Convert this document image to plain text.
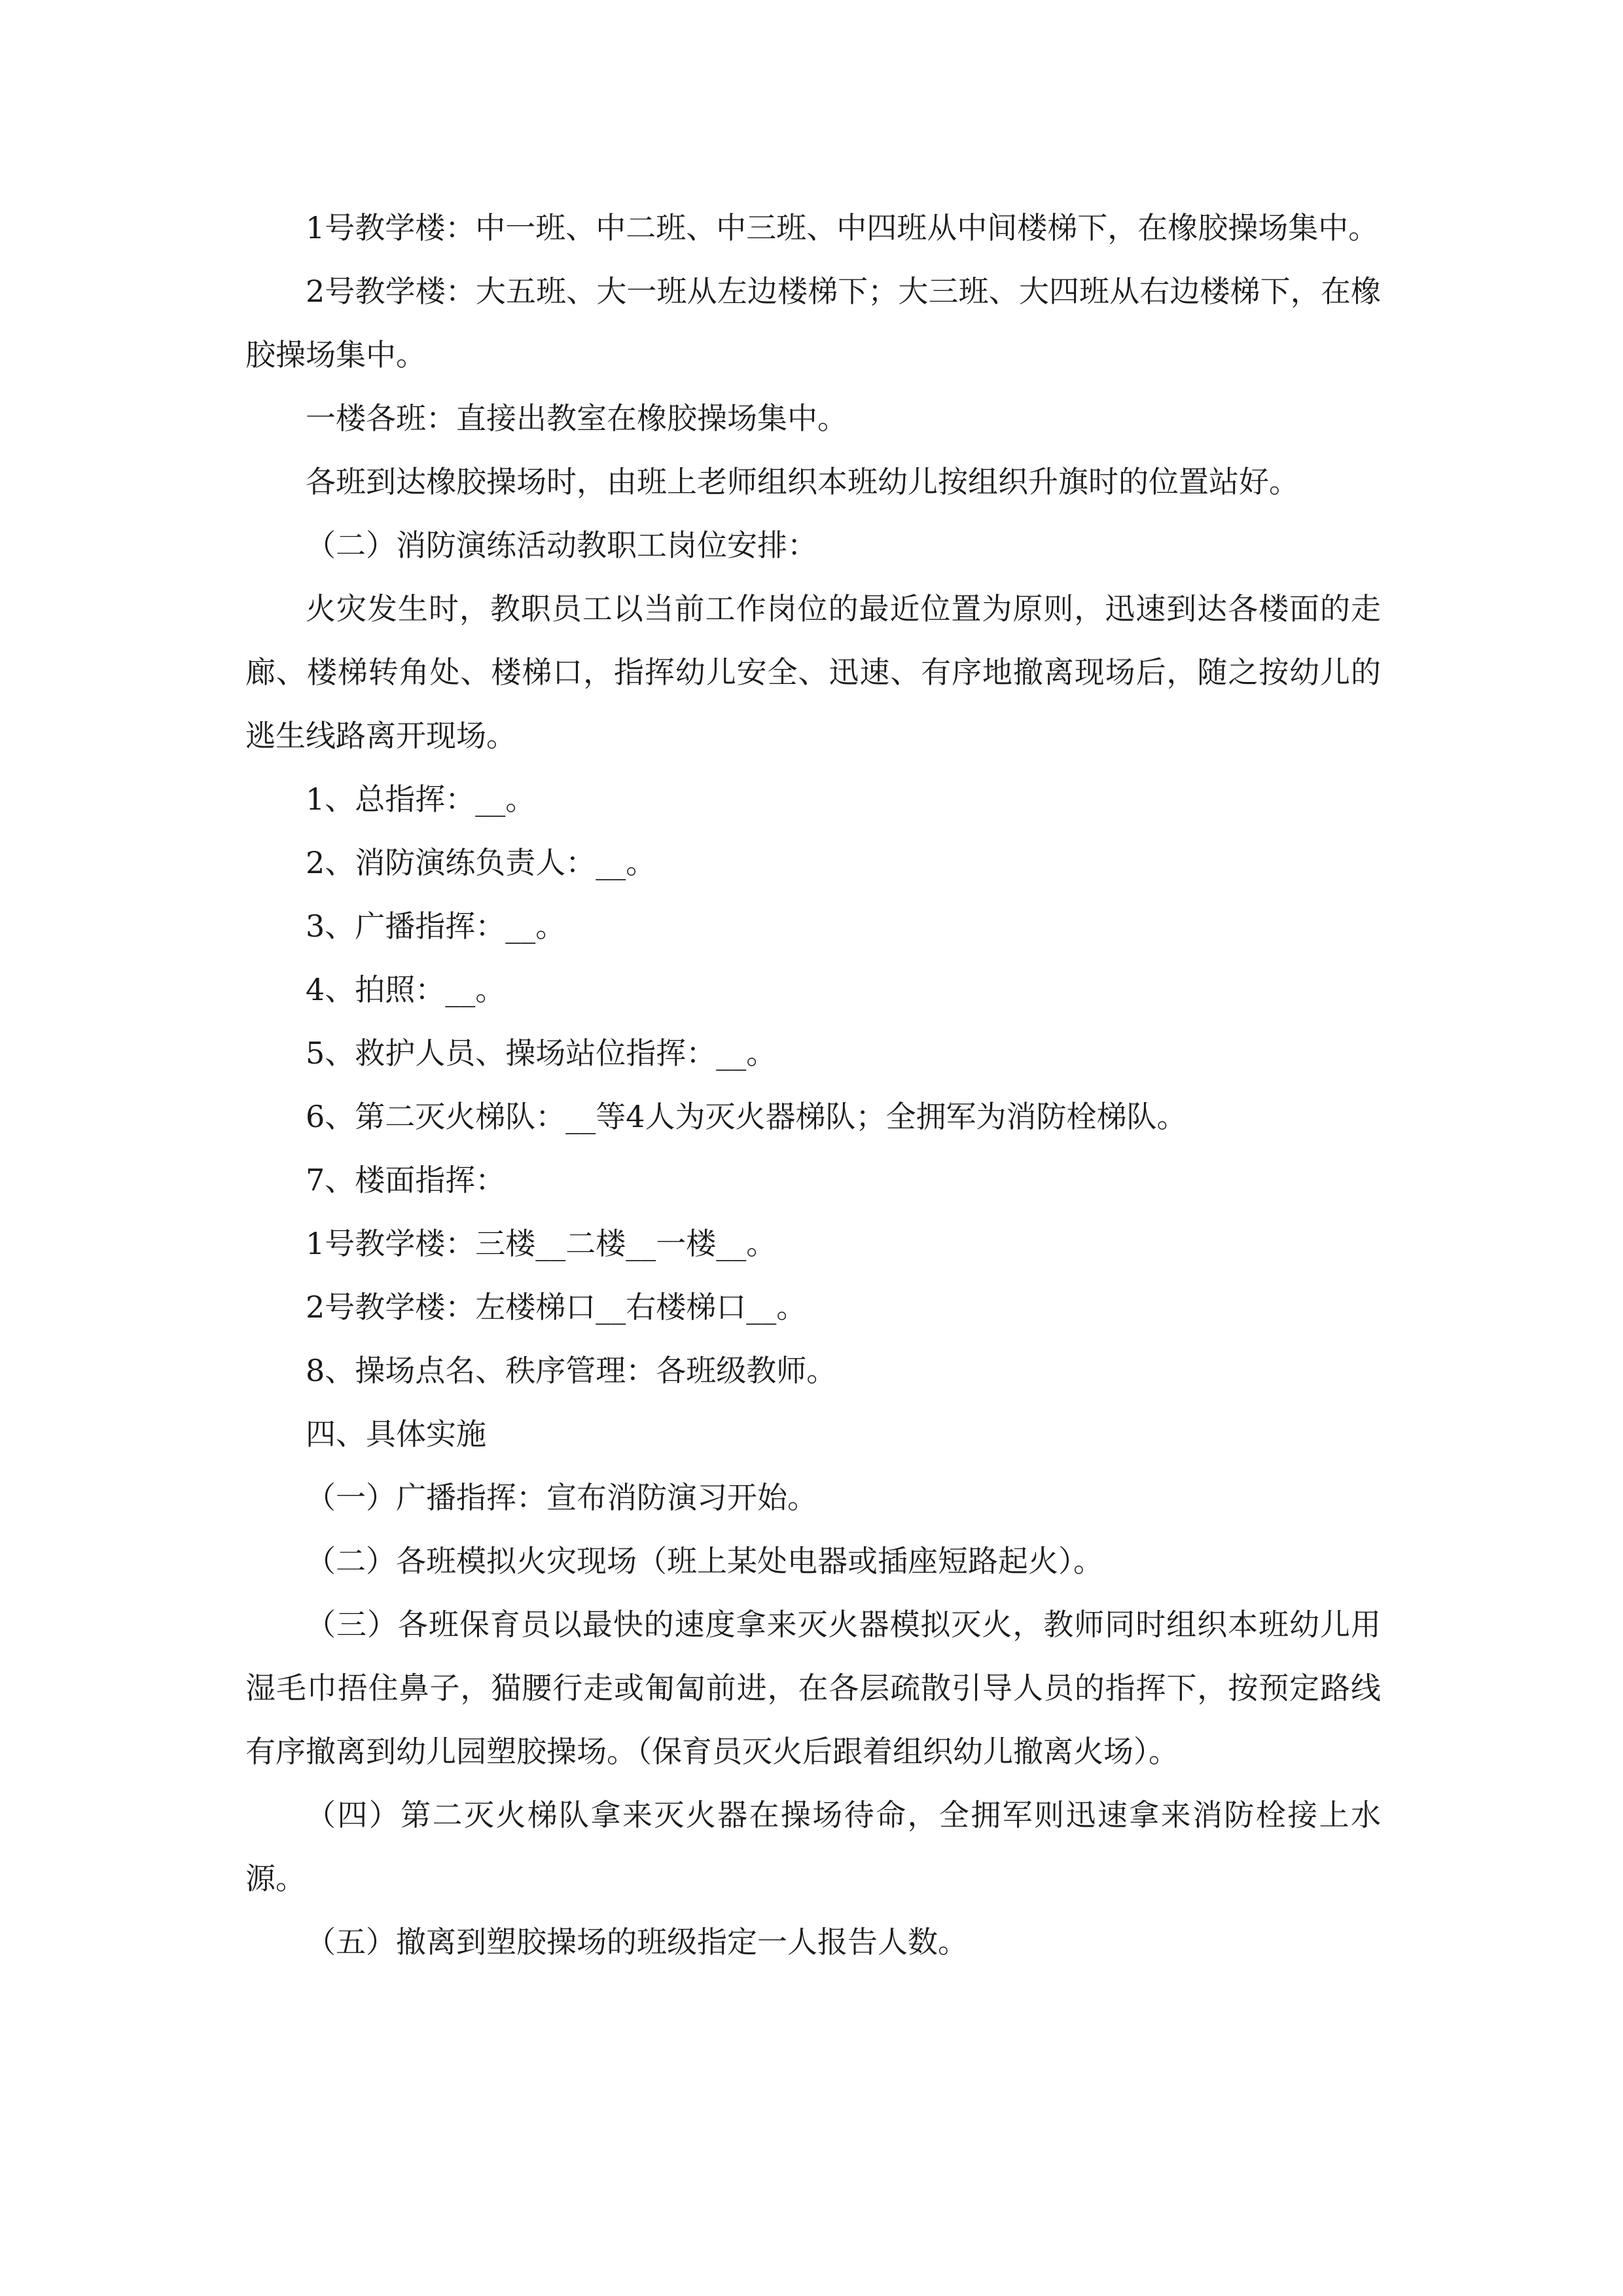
1号教学楼：中一班、中二班、中三班、中四班从中间楼梯下，在橡胶操场集中。

2号教学楼：大五班、大一班从左边楼梯下；大三班、大四班从右边楼梯下，在橡胶操场集中。

一楼各班：直接出教室在橡胶操场集中。

各班到达橡胶操场时，由班上老师组织本班幼儿按组织升旗时的位置站好。

（二）消防演练活动教职工岗位安排：

火灾发生时，教职员工以当前工作岗位的最近位置为原则，迅速到达各楼面的走廊、楼梯转角处、楼梯口，指挥幼儿安全、迅速、有序地撤离现场后，随之按幼儿的逃生线路离开现场。

1、总指挥：__。

2、消防演练负责人：__。

3、广播指挥：__。

4、拍照：__。

5、救护人员、操场站位指挥：__。

6、第二灭火梯队：__等4人为灭火器梯队；全拥军为消防栓梯队。

7、楼面指挥：

1号教学楼：三楼__二楼__一楼__。

2号教学楼：左楼梯口__右楼梯口__。

8、操场点名、秩序管理：各班级教师。

四、具体实施

（一）广播指挥：宣布消防演习开始。

（二）各班模拟火灾现场（班上某处电器或插座短路起火）。

（三）各班保育员以最快的速度拿来灭火器模拟灭火，教师同时组织本班幼儿用湿毛巾捂住鼻子，猫腰行走或匍匐前进，在各层疏散引导人员的指挥下，按预定路线有序撤离到幼儿园塑胶操场。（保育员灭火后跟着组织幼儿撤离火场）。

（四）第二灭火梯队拿来灭火器在操场待命，全拥军则迅速拿来消防栓接上水源。

（五）撤离到塑胶操场的班级指定一人报告人数。
